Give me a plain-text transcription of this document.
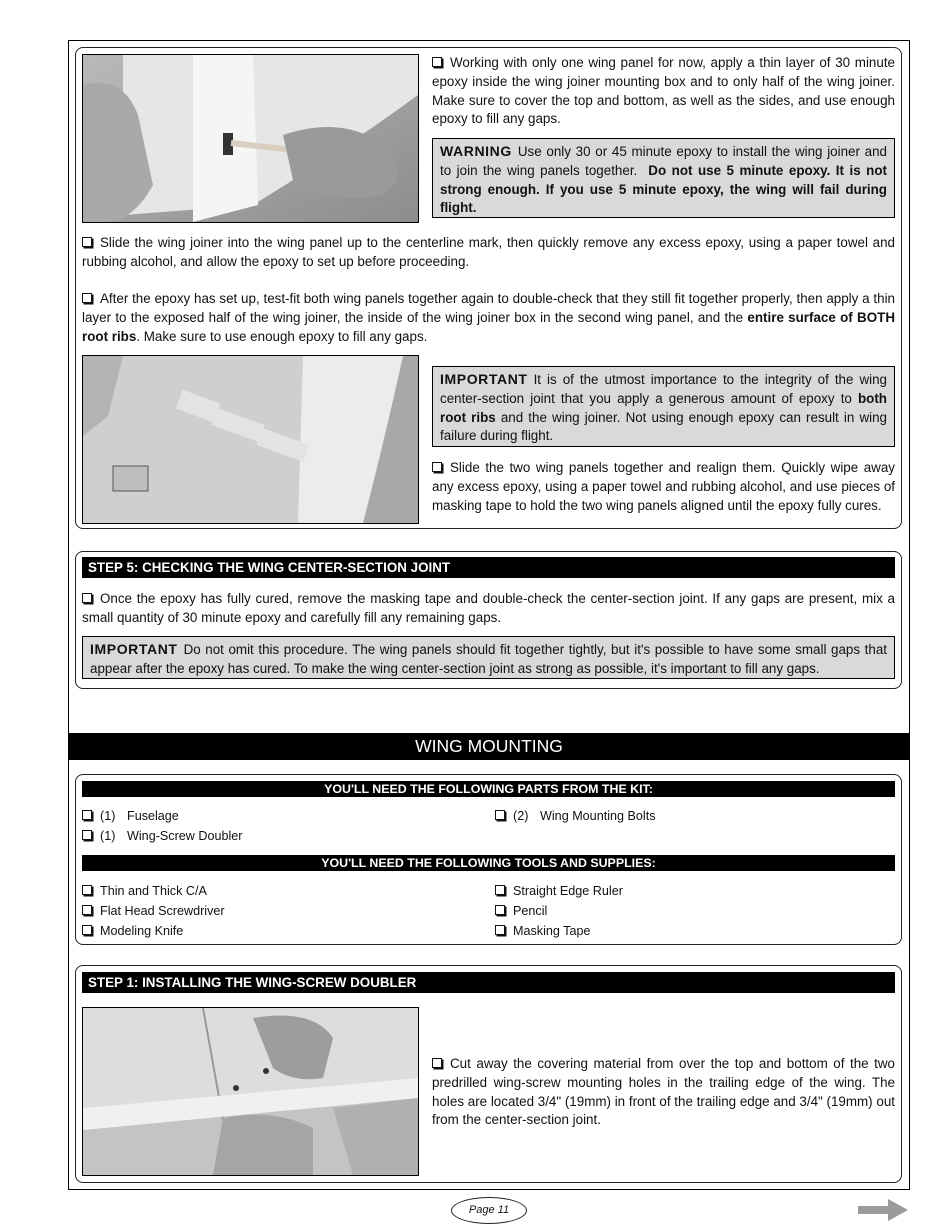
Working with only one wing panel for now, apply a thin layer of 30 minute epoxy inside the wing joiner mounting box and to only half of the wing joiner. Make sure to cover the top and bottom, as well as the sides, and use enough epoxy to fill any gaps.

WARNING Use only 30 or 45 minute epoxy to install the wing joiner and to join the wing panels together. Do not use 5 minute epoxy. It is not strong enough. If you use 5 minute epoxy, the wing will fail during flight.

Slide the wing joiner into the wing panel up to the centerline mark, then quickly remove any excess epoxy, using a paper towel and rubbing alcohol, and allow the epoxy to set up before proceeding.

After the epoxy has set up, test-fit both wing panels together again to double-check that they still fit together properly, then apply a thin layer to the exposed half of the wing joiner, the inside of the wing joiner box in the second wing panel, and the entire surface of BOTH root ribs. Make sure to use enough epoxy to fill any gaps.

IMPORTANT It is of the utmost importance to the integrity of the wing center-section joint that you apply a generous amount of epoxy to both root ribs and the wing joiner. Not using enough epoxy can result in wing failure during flight.

Slide the two wing panels together and realign them. Quickly wipe away any excess epoxy, using a paper towel and rubbing alcohol, and use pieces of masking tape to hold the two wing panels aligned until the epoxy fully cures.

STEP 5: CHECKING THE WING CENTER-SECTION JOINT

Once the epoxy has fully cured, remove the masking tape and double-check the center-section joint. If any gaps are present, mix a small quantity of 30 minute epoxy and carefully fill any remaining gaps.

IMPORTANT Do not omit this procedure. The wing panels should fit together tightly, but it's possible to have some small gaps that appear after the epoxy has cured. To make the wing center-section joint as strong as possible, it's important to fill any gaps.
WING MOUNTING
YOU'LL NEED THE FOLLOWING PARTS FROM THE KIT:
(1) Fuselage	(2) Wing Mounting Bolts
(1) Wing-Screw Doubler
YOU'LL NEED THE FOLLOWING TOOLS AND SUPPLIES:
Thin and Thick C/A	Straight Edge Ruler
Flat Head Screwdriver	Pencil
Modeling Knife	Masking Tape
STEP 1: INSTALLING THE WING-SCREW DOUBLER

Cut away the covering material from over the top and bottom of the two predrilled wing-screw mounting holes in the trailing edge of the wing. The holes are located 3/4" (19mm) in front of the trailing edge and 3/4" (19mm) out from the center-section joint.

Page 11
